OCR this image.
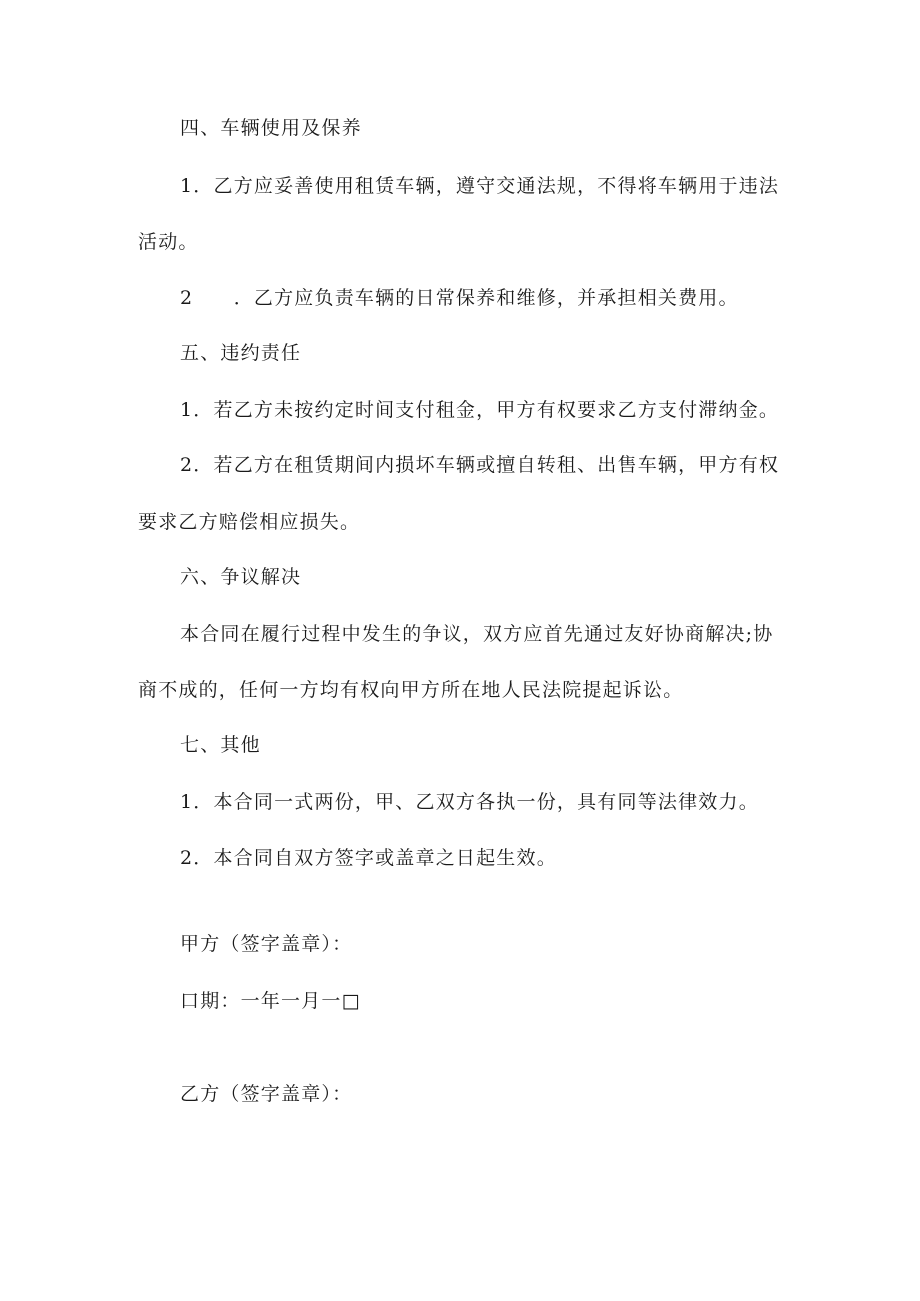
四、车辆使用及保养
1．乙方应妥善使用租赁车辆，遵守交通法规，不得将车辆用于违法
活动。
2　　．乙方应负责车辆的日常保养和维修，并承担相关费用。
五、违约责任
1．若乙方未按约定时间支付租金，甲方有权要求乙方支付滞纳金。
2．若乙方在租赁期间内损坏车辆或擅自转租、出售车辆，甲方有权
要求乙方赔偿相应损失。
六、争议解决
本合同在履行过程中发生的争议，双方应首先通过友好协商解决;协
商不成的，任何一方均有权向甲方所在地人民法院提起诉讼。
七、其他
1．本合同一式两份，甲、乙双方各执一份，具有同等法律效力。
2．本合同自双方签字或盖章之日起生效。
甲方（签字盖章）：
口期：一年一月一□
乙方（签字盖章）：
